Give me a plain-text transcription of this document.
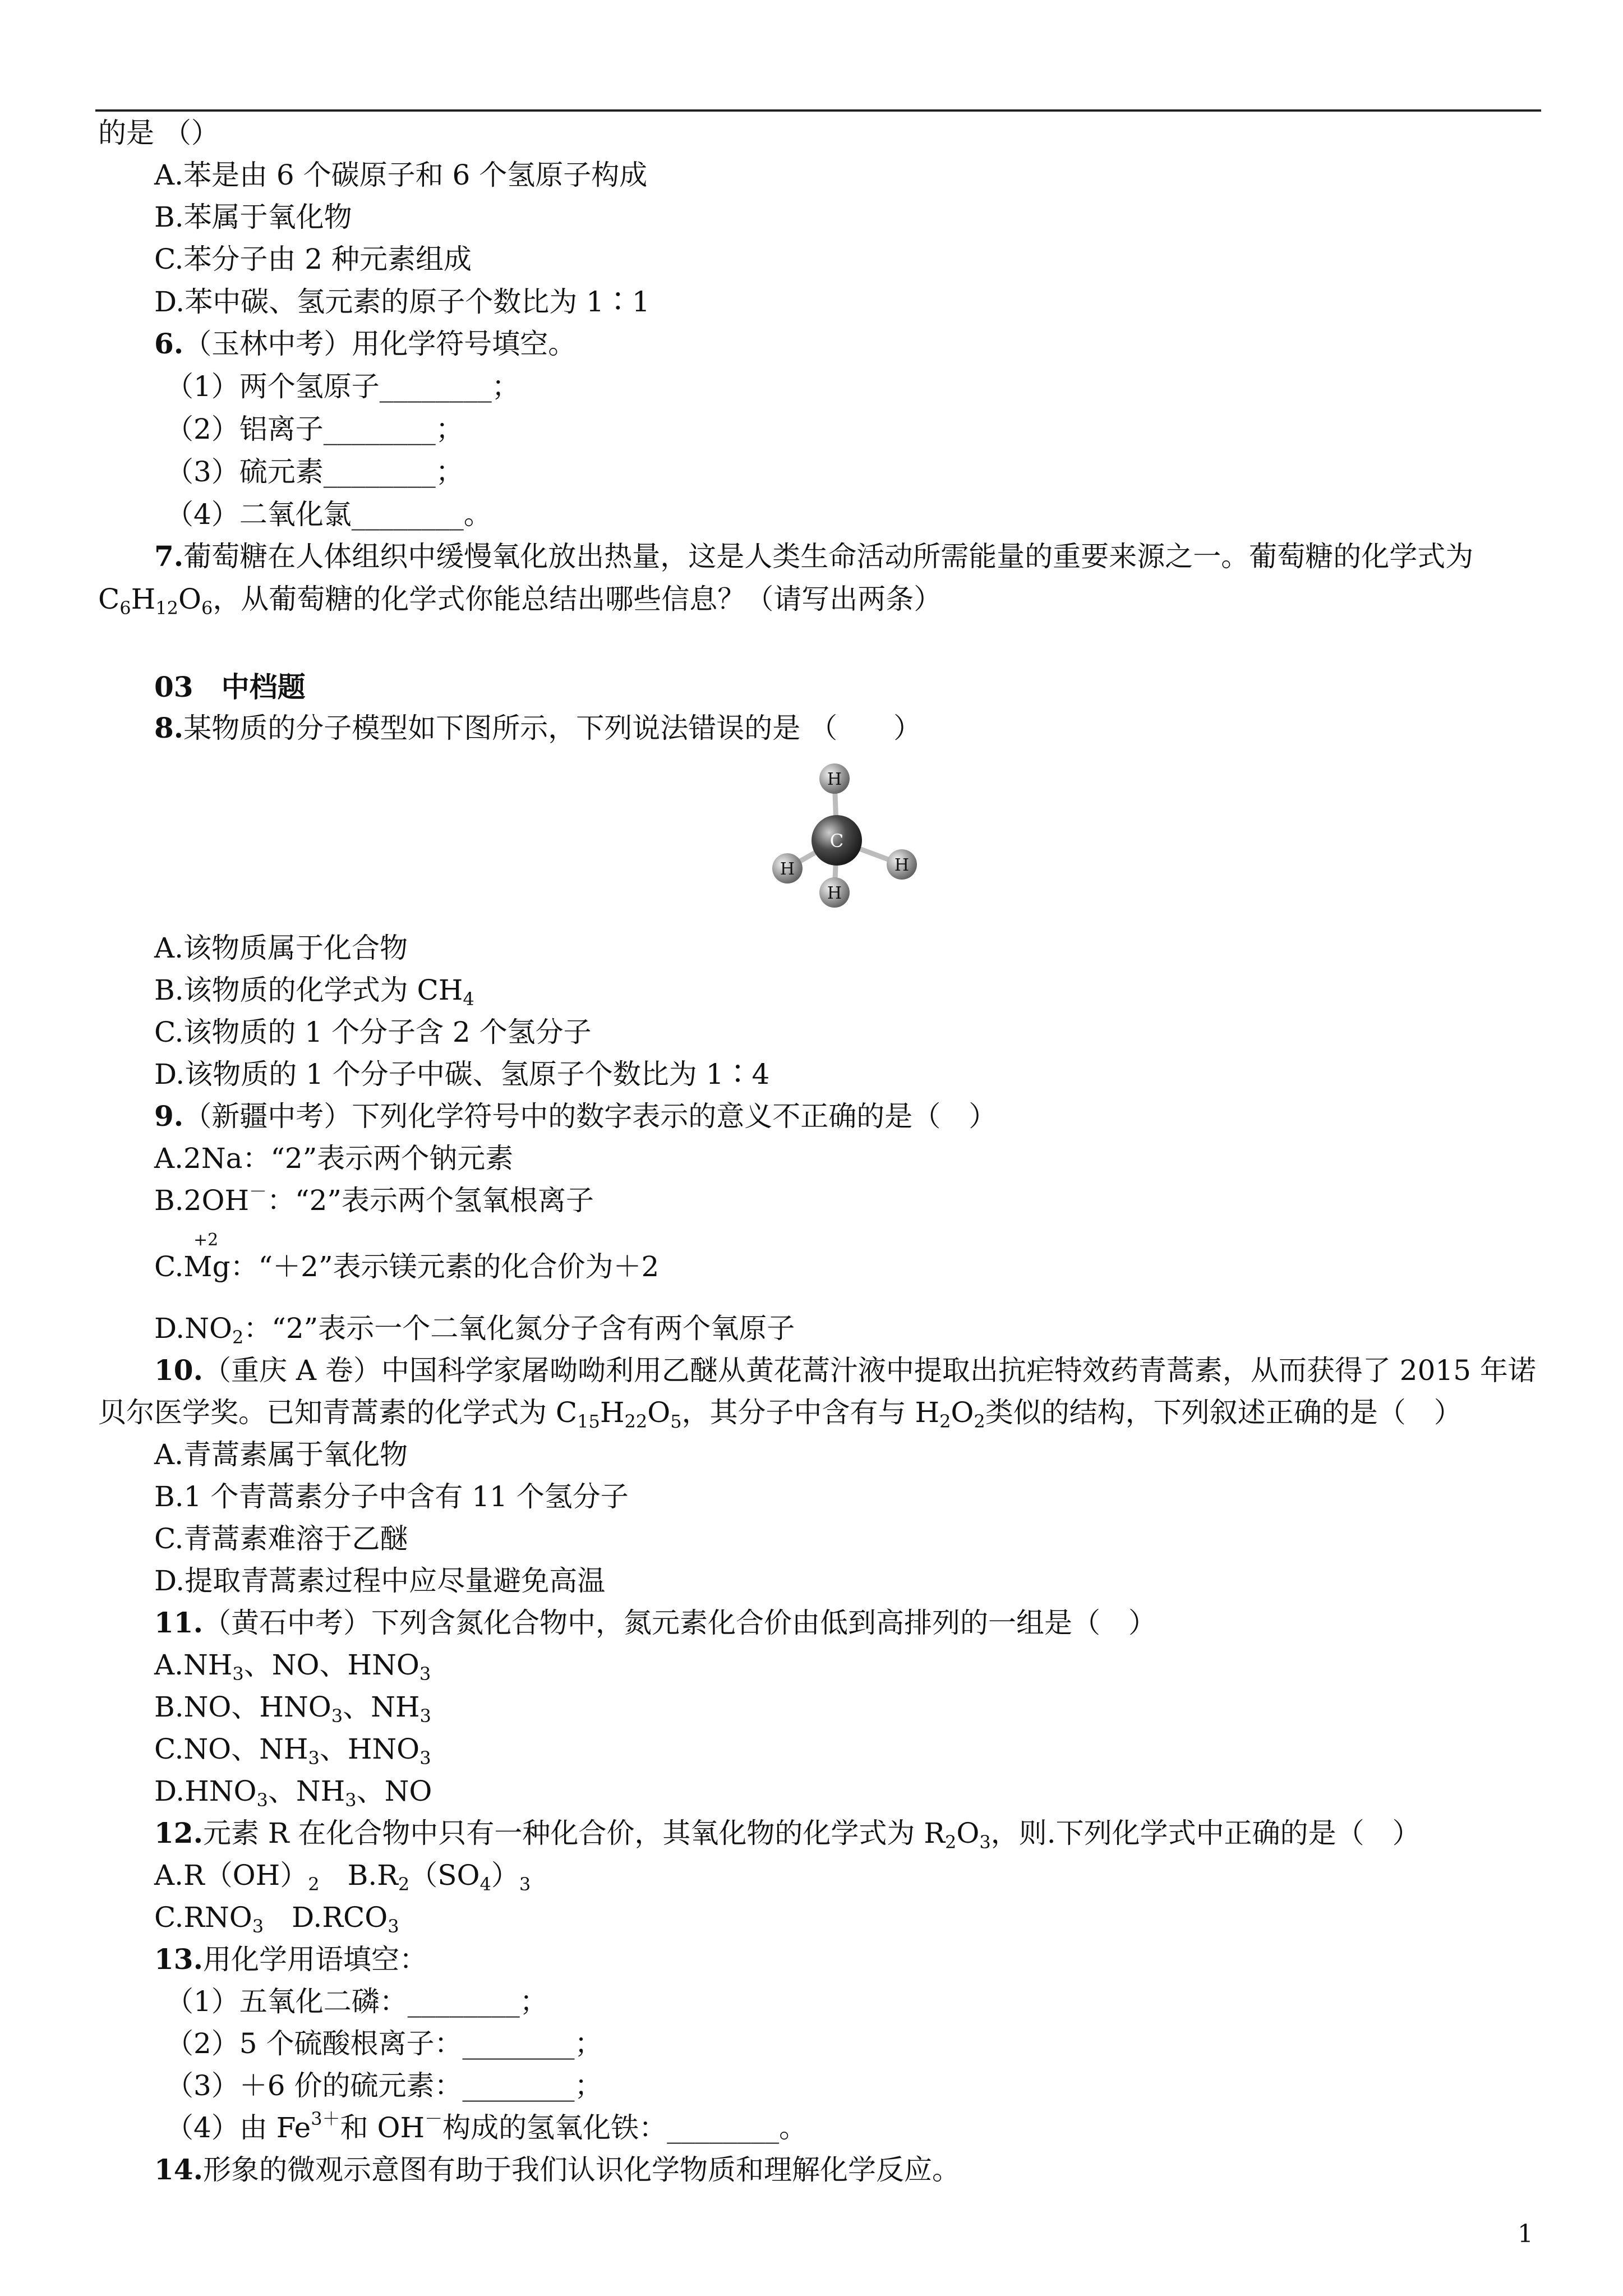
的是 （）
A.苯是由 6 个碳原子和 6 个氢原子构成
B.苯属于氧化物
C.苯分子由 2 种元素组成
D.苯中碳、氢元素的原子个数比为 1∶1
6.（玉林中考）用化学符号填空。
（1）两个氢原子________；
（2）铝离子________；
（3）硫元素________；
（4）二氧化氯________。
7.葡萄糖在人体组织中缓慢氧化放出热量，这是人类生命活动所需能量的重要来源之一。葡萄糖的化学式为
$C_6H_{12}O_6$，从葡萄糖的化学式你能总结出哪些信息？（请写出两条）
03　中档题
8.某物质的分子模型如下图所示，下列说法错误的是 （　　）
H
H
H
C
H
A.该物质属于化合物
B.该物质的化学式为 $CH_4$
C.该物质的 1 个分子含 2 个氢分子
D.该物质的 1 个分子中碳、氢原子个数比为 1∶4
9.（新疆中考）下列化学符号中的数字表示的意义不正确的是（　）
A.2Na：“2”表示两个钠元素
B.2OH－：“2”表示两个氢氧根离子
+2
C.Mg：“＋2”表示镁元素的化合价为＋2
$D.NO_2$：“2”表示一个二氧化氮分子含有两个氧原子
10.（重庆 A 卷）中国科学家屠呦呦利用乙醚从黄花蒿汁液中提取出抗疟特效药青蒿素，从而获得了 2015 年诺
贝尔医学奖。已知青蒿素的化学式为 $C_{15}H_{22}O_5$，其分子中含有与 $H_2O_2$类似的结构，下列叙述正确的是（　）
A.青蒿素属于氧化物
B.1 个青蒿素分子中含有 11 个氢分子
C.青蒿素难溶于乙醚
D.提取青蒿素过程中应尽量避免高温
11.（黄石中考）下列含氮化合物中，氮元素化合价由低到高排列的一组是（　）
$A.NH_3$、NO、$HNO_3$
B.NO、$HNO_3$、$NH_3$
C.NO、$NH_3$、$HNO_3$
$D.HNO_3$、$NH_3$、NO
12.元素 R 在化合物中只有一种化合价，其氧化物的化学式为 $R_2O_3$，则.下列化学式中正确的是（　）
$A.R(OH)_2$　$B.R_2(SO_4)_3$
$C.RNO_3$　$D.RCO_3$
13.用化学用语填空：
（1）五氧化二磷：________；
（2）5 个硫酸根离子：________；
（3）＋6 价的硫元素：________；
（4）由 $Fe^{3+}$和 OH－构成的氢氧化铁：________。
14.形象的微观示意图有助于我们认识化学物质和理解化学反应。
1
